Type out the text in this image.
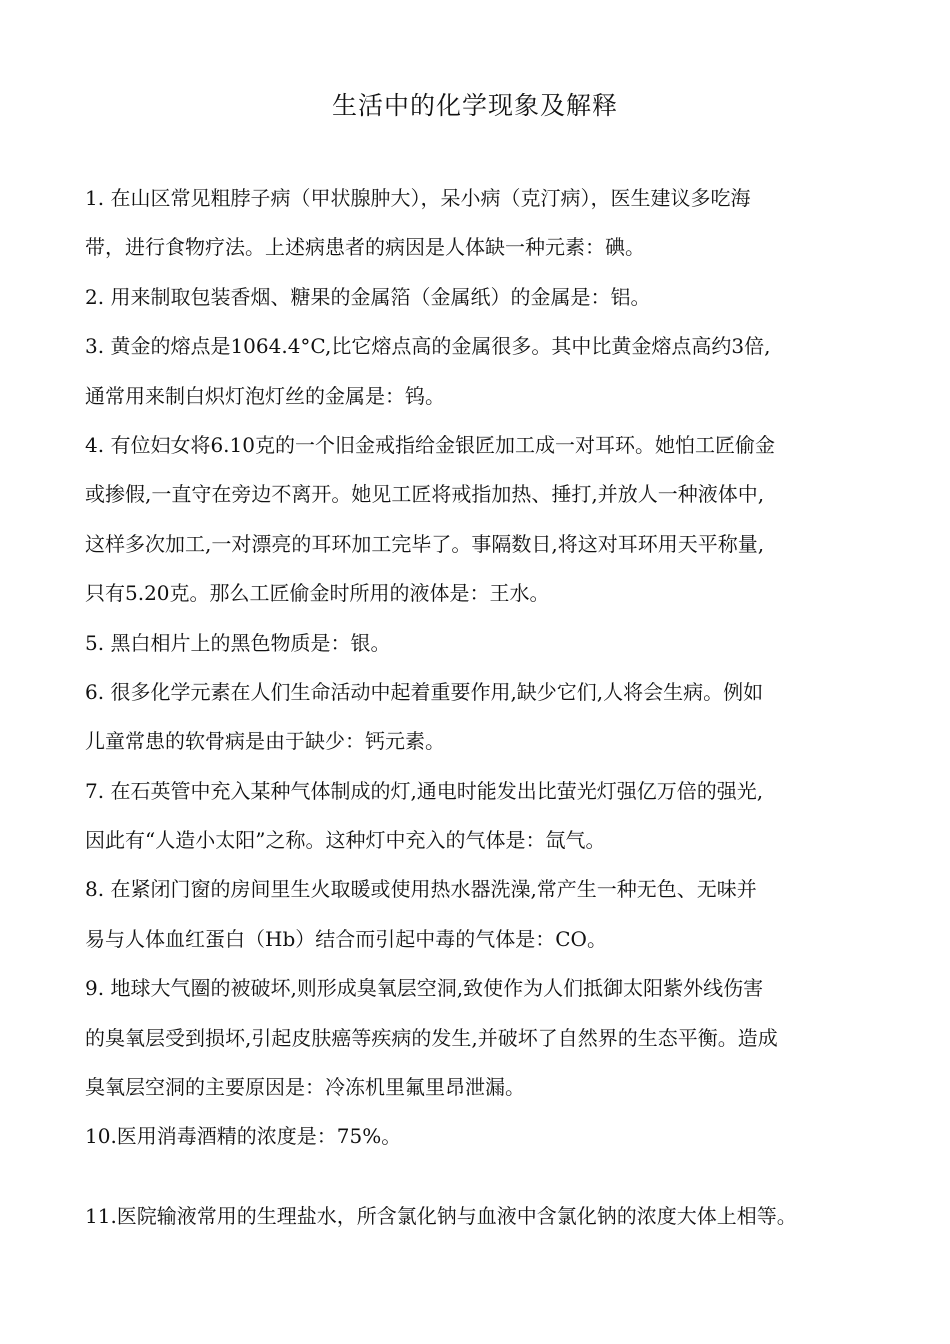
生活中的化学现象及解释
1. 在山区常见粗脖子病（甲状腺肿大），呆小病（克汀病），医生建议多吃海
带，进行食物疗法。上述病患者的病因是人体缺一种元素：碘。
2. 用来制取包装香烟、糖果的金属箔（金属纸）的金属是：铝。
3. 黄金的熔点是1064.4°C,比它熔点高的金属很多。其中比黄金熔点高约3倍,
通常用来制白炽灯泡灯丝的金属是：钨。
4. 有位妇女将6.10克的一个旧金戒指给金银匠加工成一对耳环。她怕工匠偷金
或掺假,一直守在旁边不离开。她见工匠将戒指加热、捶打,并放人一种液体中,
这样多次加工,一对漂亮的耳环加工完毕了。事隔数日,将这对耳环用天平称量,
只有5.20克。那么工匠偷金时所用的液体是：王水。
5. 黑白相片上的黑色物质是：银。
6. 很多化学元素在人们生命活动中起着重要作用,缺少它们,人将会生病。例如
儿童常患的软骨病是由于缺少：钙元素。
7. 在石英管中充入某种气体制成的灯,通电时能发出比萤光灯强亿万倍的强光,
因此有“人造小太阳”之称。这种灯中充入的气体是：氙气。
8. 在紧闭门窗的房间里生火取暖或使用热水器洗澡,常产生一种无色、无味并
易与人体血红蛋白（Hb）结合而引起中毒的气体是：CO。
9. 地球大气圈的被破坏,则形成臭氧层空洞,致使作为人们抵御太阳紫外线伤害
的臭氧层受到损坏,引起皮肤癌等疾病的发生,并破坏了自然界的生态平衡。造成
臭氧层空洞的主要原因是：冷冻机里氟里昂泄漏。
10.医用消毒酒精的浓度是：75%。
11.医院输液常用的生理盐水，所含氯化钠与血液中含氯化钠的浓度大体上相等。
